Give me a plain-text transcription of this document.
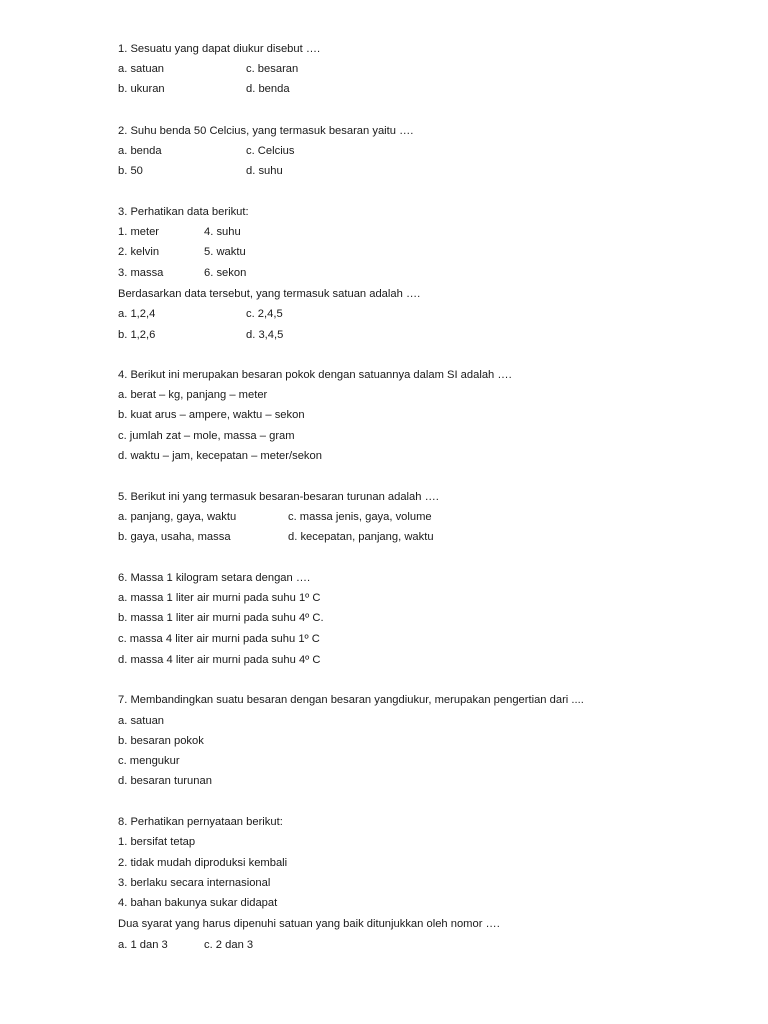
1. Sesuatu yang dapat diukur disebut ….
a. satuan	c. besaran
b. ukuran	d. benda
2. Suhu benda 50 Celcius, yang termasuk besaran yaitu ….
a. benda	c. Celcius
b. 50	d. suhu
3. Perhatikan data berikut:
1. meter	4. suhu
2. kelvin	5. waktu
3. massa	6. sekon
Berdasarkan data tersebut, yang termasuk satuan adalah ….
a. 1,2,4	c. 2,4,5
b. 1,2,6	d. 3,4,5
4. Berikut ini merupakan besaran pokok dengan satuannya dalam SI adalah ….
a. berat – kg, panjang – meter
b. kuat arus – ampere, waktu – sekon
c. jumlah zat – mole, massa – gram
d. waktu – jam, kecepatan – meter/sekon
5. Berikut ini yang termasuk besaran-besaran turunan adalah ….
a. panjang, gaya, waktu	c. massa jenis, gaya, volume
b. gaya, usaha, massa	d. kecepatan, panjang, waktu
6. Massa 1 kilogram setara dengan ….
a. massa 1 liter air murni pada suhu 1º C
b. massa 1 liter air murni pada suhu 4º C.
c. massa 4 liter air murni pada suhu 1º C
d. massa 4 liter air murni pada suhu 4º C
7. Membandingkan suatu besaran dengan besaran yangdiukur, merupakan pengertian dari ....
a. satuan
b. besaran pokok
c. mengukur
d. besaran turunan
8. Perhatikan pernyataan berikut:
1. bersifat tetap
2. tidak mudah diproduksi kembali
3. berlaku secara internasional
4. bahan bakunya sukar didapat
Dua syarat yang harus dipenuhi satuan yang baik ditunjukkan oleh nomor ….
a. 1 dan 3	c. 2 dan 3
